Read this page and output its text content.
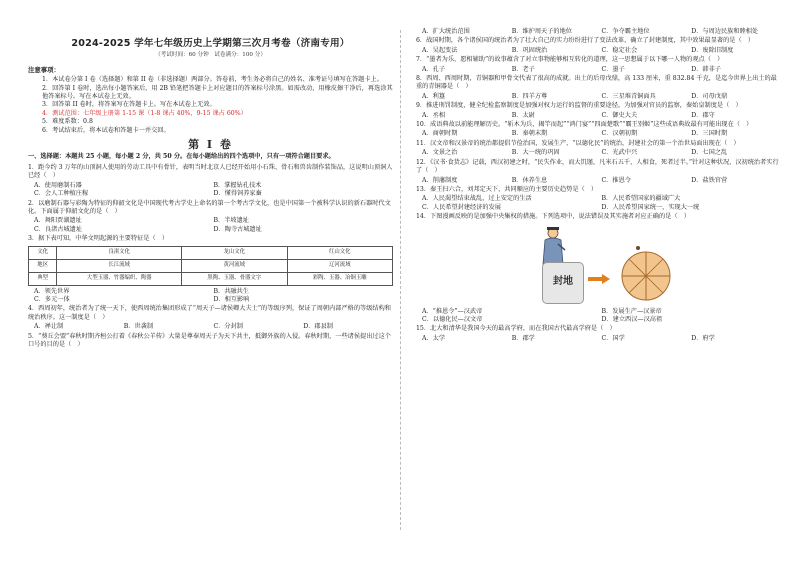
2024-2025 学年七年级历史上学期第三次月考卷（济南专用）
（考试时间：60 分钟　试卷满分：100 分）
注意事项：
1．本试卷分第 I 卷（选择题）和第 II 卷（非选择题）两部分。答卷前，考生务必将自己的姓名、准考证号填写在答题卡上。
2．回答第 I 卷时，选出每小题答案后，用 2B 铅笔把答题卡上对应题目的答案标号涂黑。如需改动，用橡皮擦干净后，再选涂其他答案标号。写在本试卷上无效。
3．回答第 II 卷时，将答案写在答题卡上。写在本试卷上无效。
4．测试范围：七年级上册第 1-15 课（1-8 课占 40%，9-15 课占 60%）
5．难度系数：0.8
6．考试结束后，将本试卷和答题卡一并交回。
第 I 卷
一、选择题：本题共 25 小题，每小题 2 分，共 50 分。在每小题给出的四个选项中，只有一项符合题目要求。
1．距今约 3 万年的山顶洞人使用的劳动工具中有骨针，表明当时北京人已经开始用小石珠、骨石和兽齿制作装饰品，这说明山顶洞人已经（　）
A．使用磨制石器	B．掌握钻孔技术
C．会人工种植庄稼	D．懂得饲养家畜
2．以磨制石器与彩陶为特征的仰韶文化是中国现代考古学史上命名的第一个考古学文化，也是中国第一个被科学认识的新石器时代文化。下面属于仰韶文化的是（　）
A．舞阳贾湖遗址	B．半坡遗址
C．良渚古城遗址	D．陶寺古城遗址
3．据下表可知，中华文明起源的主要特征是（　）
文化	良渚文化	龙山文化	红山文化
地区	长江流域	黄河流域	辽河流域
典型	大型玉器、竹器编织、陶器	黑陶、玉器、骨器文字	彩陶、玉器、冶铜玉雕
A．领先世界	B．共融共生
C．多元一体	D．相互影响
4．西周初年，统治者为了统一天下，使西周统治集团形成了“周天子—诸侯卿大夫士”的等级序列，保证了周朝内部严格的等级结构和统治秩序。这一制度是（　）
A．禅让制	B．世袭制	C．分封制	D．郡县制
5．“葵丘会盟”春秋时期齐桓公打着《春秋公羊传》大量是尊奉周天子为天下共主，抵御外族的入侵。春秋时期，一些诸侯提出过这个口号的目的是（　）
A．扩大统治范围	B．维护周天子的地位	C．争夺霸主地位	D．与周边民族和睦相处
6．战国时期，各个诸侯国的统治者为了壮大自己的实力纷纷进行了变法改革，确立了封建制度，其中效果最显著的是（　）
A．吴起变法	B．巩固统治	C．稳定社会	D．废除旧制度
7．“墨者为乐，愿相辅助”的故事蕴含了对立事物能够相互转化的道理，这一思想属于以下哪一人物的观点（　）
A．孔子	B．老子	C．墨子	D．韩非子
8．西周、西周时期，青铜器和甲骨文代表了很高的成就。出土的后母戊鼎，高 133 厘米，重 832.84 千克，是迄今世界上出土的最重的青铜器是（　）
A．利簋	B．四羊方尊	C．三星堆青铜面具	D．司母戊鼎
9．推进刑罚制度，健全纪检监察制度是加强对权力运行的监督的重要途径。为加强对官员的监察，秦始皇制度是（　）
A．丞相	B．太尉	C．御史大夫	D．郡守
10．成语典故以前能理解历史。“斩木为兵，揭竿而起”“鸿门宴”“四面楚歌”“霸王别姬”这些成语典故最有可能出现在（　）
A．商朝时期	B．秦朝末期	C．汉朝初期	D．三国时期
11．汉文帝和汉景帝的统治都提倡节俭治国，发展生产、“以德化民”的统治，封建社会的第一个治世局面出现在（　）
A．文景之治	B．大一统的巩固	C．光武中兴	D．七国之乱
12．《汉书·食货志》记载，西汉初建之时，“民失作业，而大饥馑，凡米石五千，人相食，死者过半。”针对这种状况，汉初统治者实行了（　）
A．削藩制度	B．休养生息	C．推恩令	D．盐铁官营
13．秦王扫六合，刘邦定天下，共同顺应的主要历史趋势是（　）
A．人民渴望结束战乱，过上安定的生活	B．人民希望国家的疆域广大
C．人民希望封建经济的发展	D．人民希望国家统一，实现大一统
14．下图漫画反映的是加强中央集权的措施。下列选项中，说法错误及其实施者对应正确的是（　）
封地
A．“推恩令”—汉武帝	B．发展生产—汉景帝
C．以德化民—汉文帝	D．建立西汉—汉高祖
15．北大和清华是我国今天的最高学府，而在我国古代最高学府是（　）
A．太学	B．郡学	C．国学	D．府学
